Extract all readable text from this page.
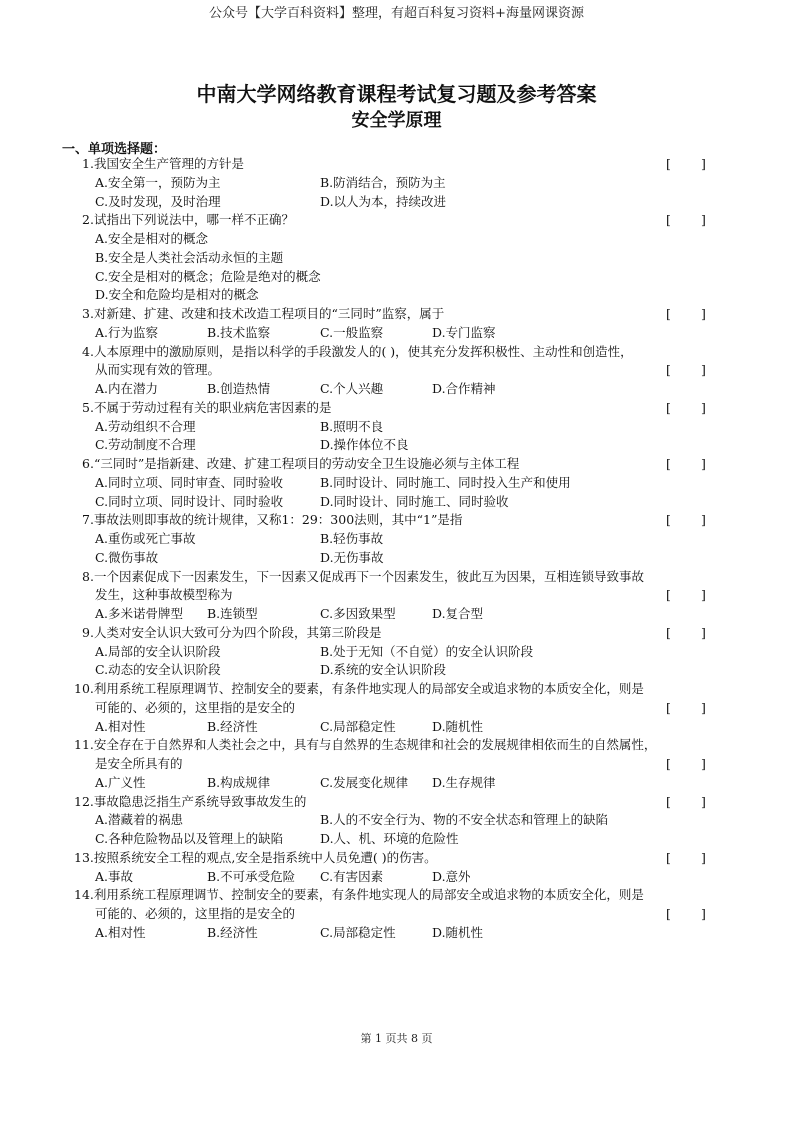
公众号【大学百科资料】整理，有超百科复习资料+海量网课资源
中南大学网络教育课程考试复习题及参考答案
安全学原理
一、单项选择题：
1.我国安全生产管理的方针是	[ ]
A.安全第一，预防为主	B.防消结合，预防为主
C.及时发现，及时治理	D.以人为本，持续改进
2.试指出下列说法中，哪一样不正确？	[ ]
A.安全是相对的概念
B.安全是人类社会活动永恒的主题
C.安全是相对的概念；危险是绝对的概念
D.安全和危险均是相对的概念
3.对新建、扩建、改建和技术改造工程项目的“三同时”监察，属于	[ ]
A.行为监察	B.技术监察	C.一般监察	D.专门监察
4.人本原理中的激励原则，是指以科学的手段激发人的( )，使其充分发挥积极性、主动性和创造性，
从而实现有效的管理。	[ ]
A.内在潜力	B.创造热情	C.个人兴趣	D.合作精神
5.不属于劳动过程有关的职业病危害因素的是	[ ]
A.劳动组织不合理	B.照明不良
C.劳动制度不合理	D.操作体位不良
6.“三同时”是指新建、改建、扩建工程项目的劳动安全卫生设施必须与主体工程	[ ]
A.同时立项、同时审查、同时验收	B.同时设计、同时施工、同时投入生产和使用
C.同时立项、同时设计、同时验收	D.同时设计、同时施工、同时验收
7.事故法则即事故的统计规律，又称1：29：300法则，其中“1”是指	[ ]
A.重伤或死亡事故	B.轻伤事故
C.微伤事故	D.无伤事故
8.一个因素促成下一因素发生，下一因素又促成再下一个因素发生，彼此互为因果，互相连锁导致事故
发生，这种事故模型称为	[ ]
A.多米诺骨牌型 B.连锁型	C.多因致果型	D.复合型
9.人类对安全认识大致可分为四个阶段，其第三阶段是	[ ]
A.局部的安全认识阶段	B.处于无知（不自觉）的安全认识阶段
C.动态的安全认识阶段	D.系统的安全认识阶段
10.利用系统工程原理调节、控制安全的要素，有条件地实现人的局部安全或追求物的本质安全化，则是
可能的、必须的，这里指的是安全的	[ ]
A.相对性	B.经济性	C.局部稳定性	D.随机性
11.安全存在于自然界和人类社会之中，具有与自然界的生态规律和社会的发展规律相依而生的自然属性，
是安全所具有的	[ ]
A.广义性	B.构成规律	C.发展变化规律 D.生存规律
12.事故隐患泛指生产系统导致事故发生的	[ ]
A.潜藏着的祸患	B.人的不安全行为、物的不安全状态和管理上的缺陷
C.各种危险物品以及管理上的缺陷	D.人、机、环境的危险性
13.按照系统安全工程的观点,安全是指系统中人员免遭( )的伤害。	[ ]
A.事故	B.不可承受危险 C.有害因素	D.意外
14.利用系统工程原理调节、控制安全的要素，有条件地实现人的局部安全或追求物的本质安全化，则是
可能的、必须的，这里指的是安全的	[ ]
A.相对性	B.经济性	C.局部稳定性	D.随机性
第 1 页共 8 页
